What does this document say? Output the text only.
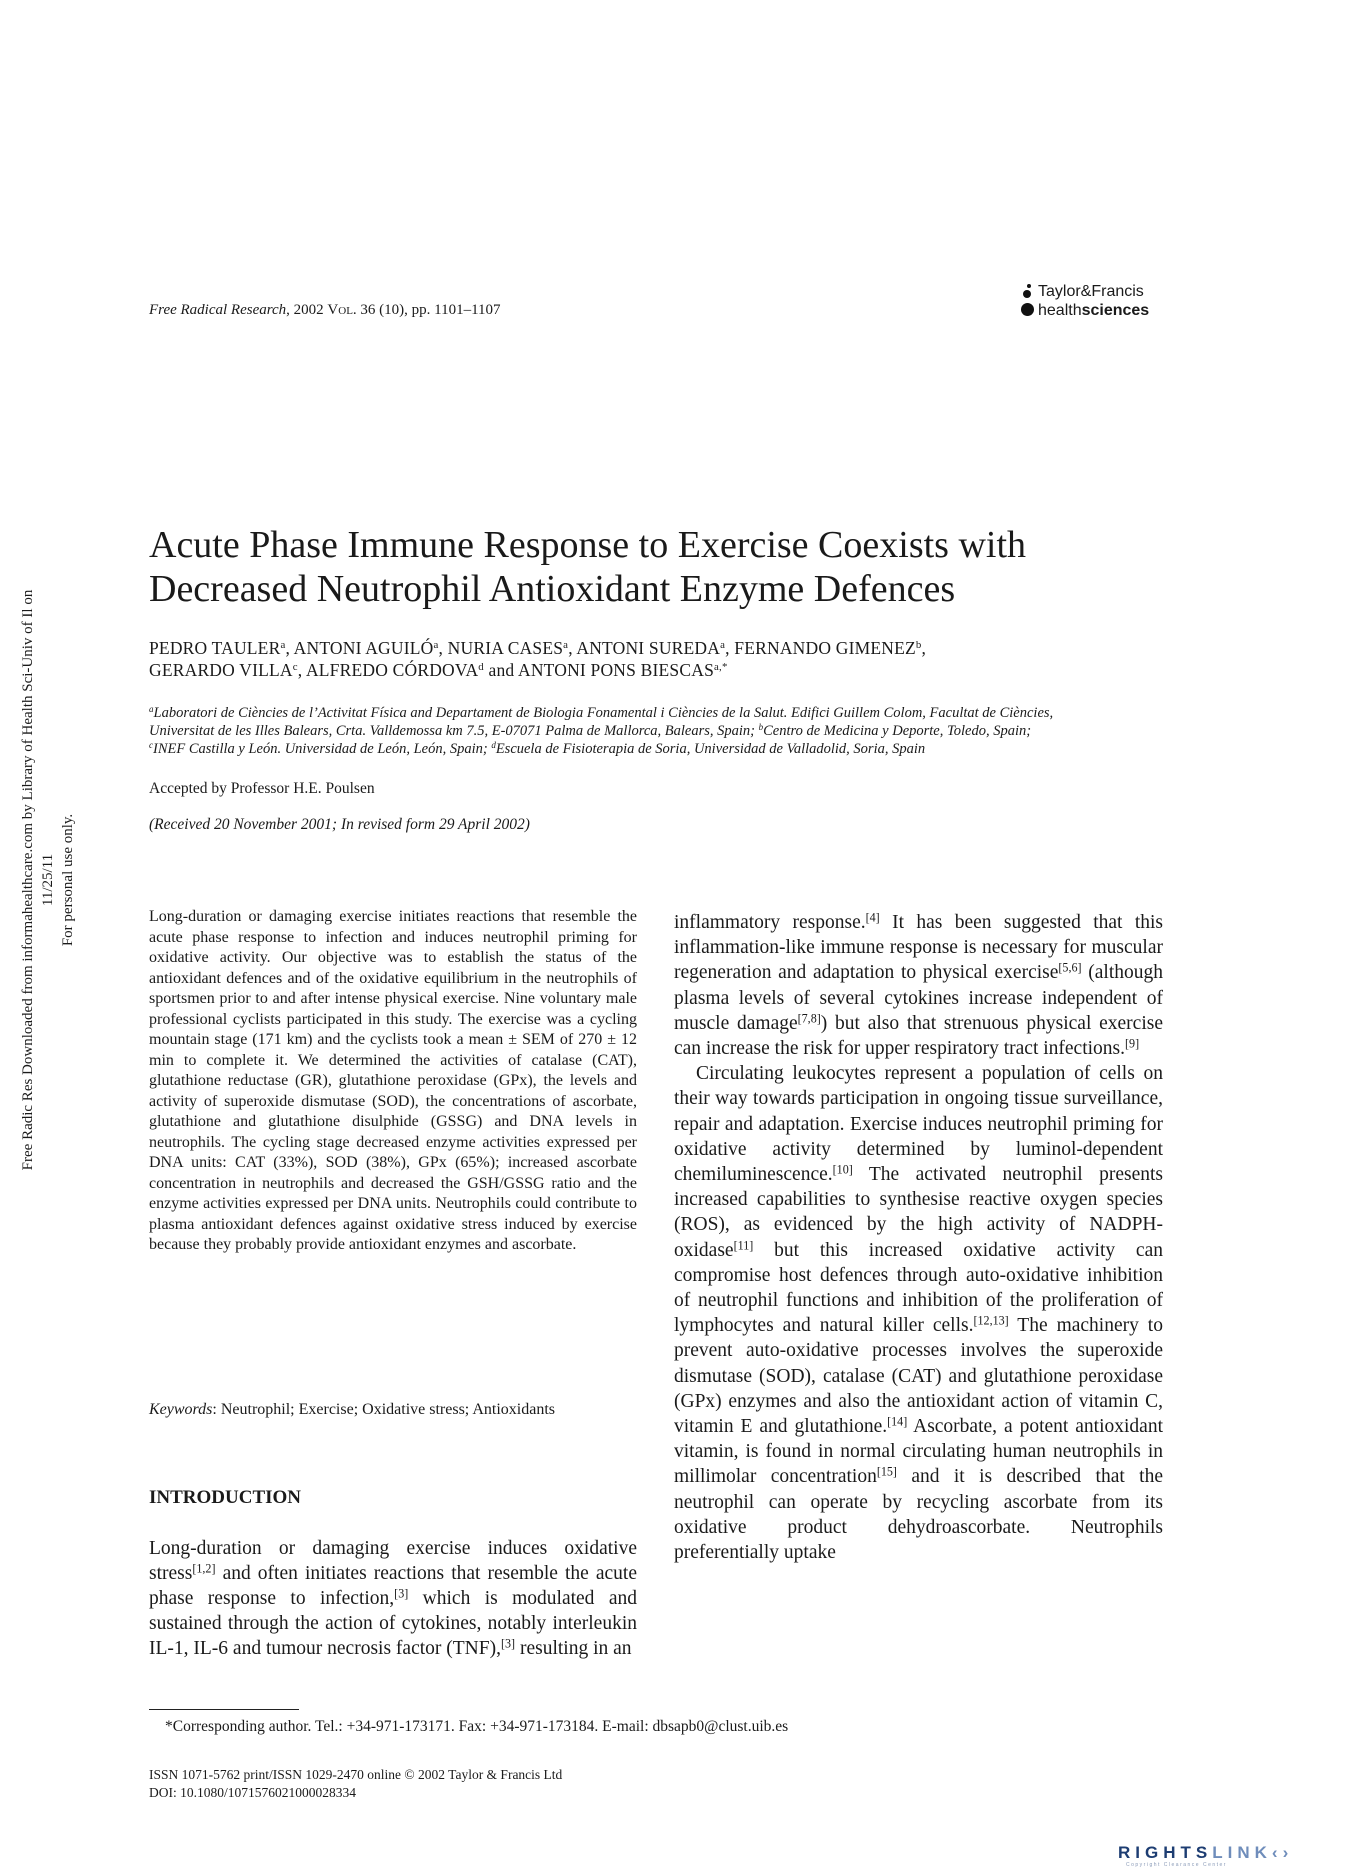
Free Radical Research, 2002 Vol. 36 (10), pp. 1101–1107
Taylor&Francis
healthsciences
Free Radic Res Downloaded from informahealthcare.com by Library of Health Sci-Univ of Il on 11/25/11 For personal use only.
Acute Phase Immune Response to Exercise Coexists with
Decreased Neutrophil Antioxidant Enzyme Defences
PEDRO TAULER$^a$, ANTONI AGUILÓ$^a$, NURIA CASES$^a$, ANTONI SUREDA$^a$, FERNANDO GIMENEZ$^b$,
GERARDO VILLA$^c$, ALFREDO CÓRDOVA$^d$ and ANTONI PONS $BIESCAS^{a,*}$
$^a$Laboratori de Ciències de l’Activitat Física and Departament de Biologia Fonamental i Ciències de la Salut. Edifici Guillem Colom, Facultat de Ciències,
Universitat de les Illes Balears, Crta. Valldemossa km 7.5, E-07071 Palma de Mallorca, Balears, Spain; $^b$Centro de Medicina y Deporte, Toledo, Spain;
$^c$INEF Castilla y León. Universidad de León, León, Spain; $^d$Escuela de Fisioterapia de Soria, Universidad de Valladolid, Soria, Spain
Accepted by Professor H.E. Poulsen
(Received 20 November 2001; In revised form 29 April 2002)
Long-duration or damaging exercise initiates reactions that resemble the acute phase response to infection and induces neutrophil priming for oxidative activity. Our objective was to establish the status of the antioxidant defences and of the oxidative equilibrium in the neutrophils of sportsmen prior to and after intense physical exercise. Nine voluntary male professional cyclists participated in this study. The exercise was a cycling mountain stage (171 km) and the cyclists took a mean ± SEM of 270 ± 12 min to complete it. We determined the activities of catalase (CAT), glutathione reductase (GR), glutathione peroxidase (GPx), the levels and activity of superoxide dismutase (SOD), the concentrations of ascorbate, glutathione and glutathione disulphide (GSSG) and DNA levels in neutrophils. The cycling stage decreased enzyme activities expressed per DNA units: CAT (33%), SOD (38%), GPx (65%); increased ascorbate concentration in neutrophils and decreased the GSH/GSSG ratio and the enzyme activities expressed per DNA units. Neutrophils could contribute to plasma antioxidant defences against oxidative stress induced by exercise because they probably provide antioxidant enzymes and ascorbate.
Keywords: Neutrophil; Exercise; Oxidative stress; Antioxidants
INTRODUCTION
Long-duration or damaging exercise induces oxidative stress[1,2] and often initiates reactions that resemble the acute phase response to infection,[3] which is modulated and sustained through the action of cytokines, notably interleukin IL-1, IL-6 and tumour necrosis factor (TNF),[3] resulting in an

inflammatory response.[4] It has been suggested that this inflammation-like immune response is necessary for muscular regeneration and adaptation to physical exercise[5,6] (although plasma levels of several cytokines increase independent of muscle damage[7,8]) but also that strenuous physical exercise can increase the risk for upper respiratory tract infections.[9]

Circulating leukocytes represent a population of cells on their way towards participation in ongoing tissue surveillance, repair and adaptation. Exercise induces neutrophil priming for oxidative activity determined by luminol-dependent chemiluminescence.[10] The activated neutrophil presents increased capabilities to synthesise reactive oxygen species (ROS), as evidenced by the high activity of NADPH-oxidase[11] but this increased oxidative activity can compromise host defences through auto-oxidative inhibition of neutrophil functions and inhibition of the proliferation of lymphocytes and natural killer cells.[12,13] The machinery to prevent auto-oxidative processes involves the superoxide dismutase (SOD), catalase (CAT) and glutathione peroxidase (GPx) enzymes and also the antioxidant action of vitamin C, vitamin E and glutathione.[14] Ascorbate, a potent antioxidant vitamin, is found in normal circulating human neutrophils in millimolar concentration[15] and it is described that the neutrophil can operate by recycling ascorbate from its oxidative product dehydroascorbate. Neutrophils preferentially uptake

*Corresponding author. Tel.: +34-971-173171. Fax: +34-971-173184. E-mail: dbsapb0@clust.uib.es
ISSN 1071-5762 print/ISSN 1029-2470 online © 2002 Taylor & Francis Ltd
DOI: 10.1080/1071576021000028334
RIGHTSLINK‹›
Copyright Clearance Center
